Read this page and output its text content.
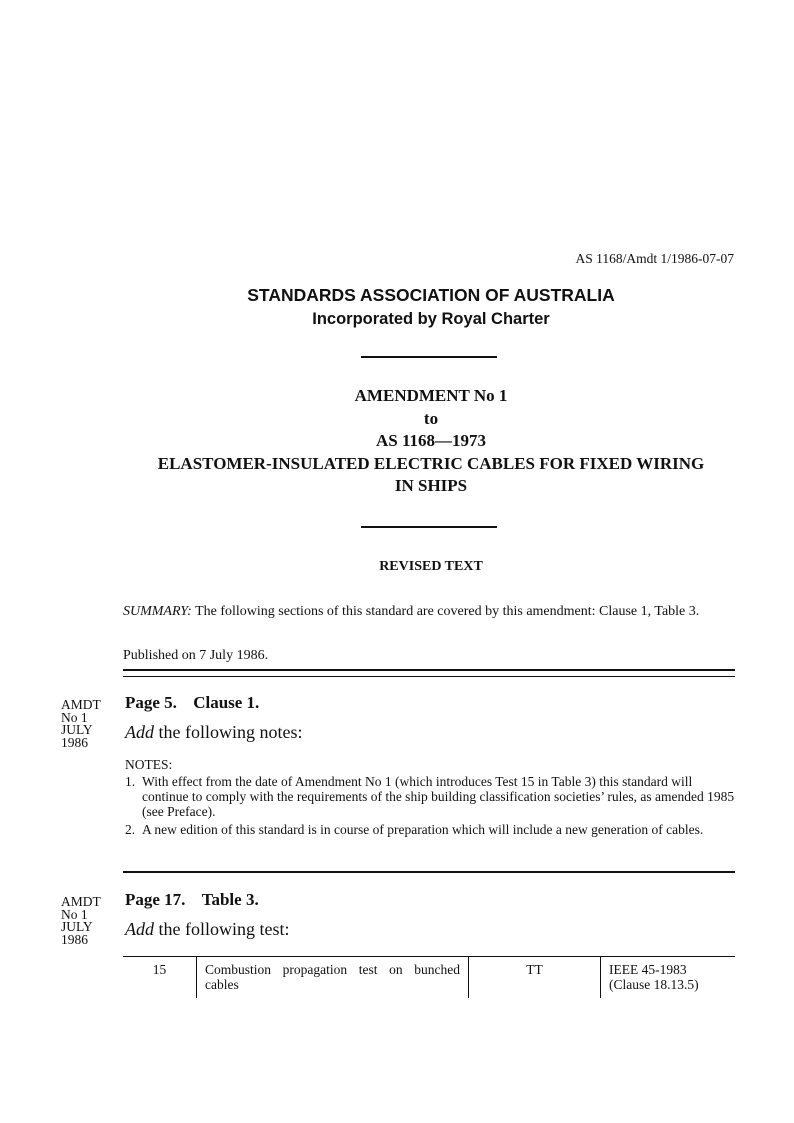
AS 1168/Amdt 1/1986-07-07
STANDARDS ASSOCIATION OF AUSTRALIA
Incorporated by Royal Charter
AMENDMENT No 1
to
AS 1168—1973
ELASTOMER-INSULATED ELECTRIC CABLES FOR FIXED WIRING
IN SHIPS
REVISED TEXT
SUMMARY: The following sections of this standard are covered by this amendment: Clause 1, Table 3.
Published on 7 July 1986.
AMDT
No 1
JULY
1986
Page 5. Clause 1.
Add the following notes:
NOTES:
1. With effect from the date of Amendment No 1 (which introduces Test 15 in Table 3) this standard will continue to comply with the requirements of the ship building classification societies’ rules, as amended 1985 (see Preface).
2. A new edition of this standard is in course of preparation which will include a new generation of cables.
AMDT
No 1
JULY
1986
Page 17. Table 3.
Add the following test:
15	Combustion propagation test on bunched cables	TT	IEEE 45-1983
(Clause 18.13.5)
